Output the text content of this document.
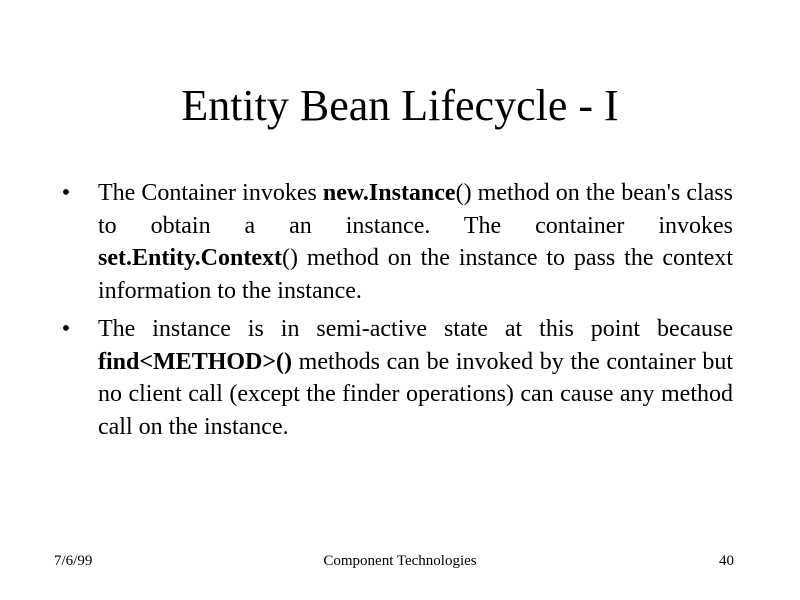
Entity Bean Lifecycle - I
• The Container invokes new.Instance() method on the bean's class to obtain a an instance. The container invokes set.Entity.Context() method on the instance to pass the context information to the instance.
• The instance is in semi-active state at this point because find<METHOD>() methods can be invoked by the container but no client call (except the finder operations) can cause any method call on the instance.
7/6/99	Component Technologies	40
